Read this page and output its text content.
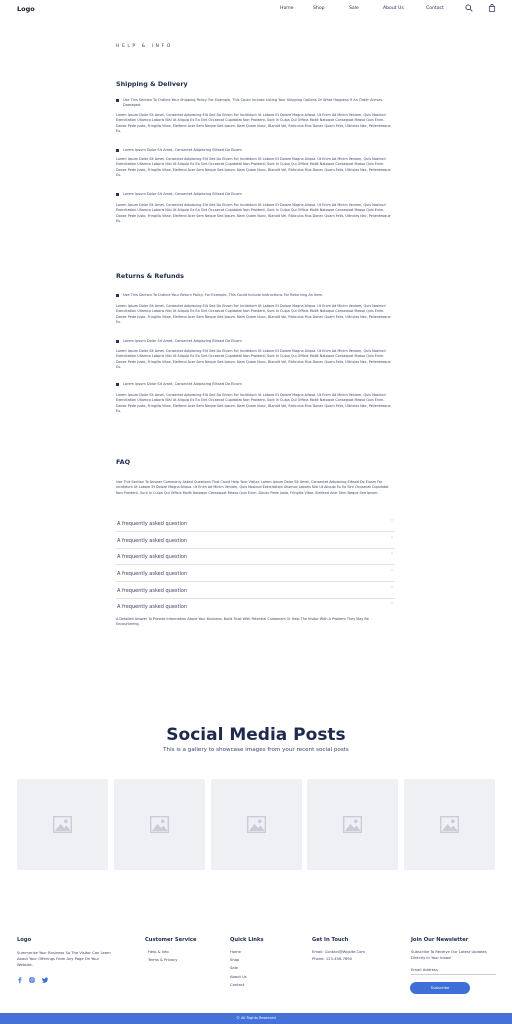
Logo	Home	Shop	Sale	About Us	Contact
HELP & INFO
Shipping & Delivery
Use This Section To Outline Your Shipping Policy. For Example, This Could Include Listing Your Shipping Options Or What Happens If An Order Arrives Damaged.
Lorem Ipsum Dolor Sit Amet, Consectet Adipiscing Elit Sed Do Eiusm For Incididunt Ut Labore Et Dolore Magna Aliqua. Ut Enim Ad Minim Veniam, Quis Nostrud Exercitation Ullamco Laboris Nisi Ut Aliquip Ex Ea Sint Occaecat Cupidatat Non Proident, Sunt In Culpa Qui Officia Mollit Natoque Consequat Massa Quis Enim. Donec Pede Justo, Fringilla Vitae, Eleifend Acer Sem Neque Sed Ipsum. Nam Quam Nunc, Blandit Vel, Ridiculus Mus Donec Quam Felis, Ultricies Nec, Pellentesque Eu.
Lorem Ipsum Dolor Sit Amet, Consectet Adipiscing Elitsed Do Eiusm
Lorem Ipsum Dolor Sit Amet, Consectet Adipiscing Elit Sed Do Eiusm For Incididunt Ut Labore Et Dolore Magna Aliqua. Ut Enim Ad Minim Veniam, Quis Nostrud Exercitation Ullamco Laboris Nisi Ut Aliquip Ex Ea Sint Occaecat Cupidatat Non Proident, Sunt In Culpa Qui Officia Mollit Natoque Consequat Massa Quis Enim. Donec Pede Justo, Fringilla Vitae, Eleifend Acer Sem Neque Sed Ipsum. Nam Quam Nunc, Blandit Vel, Ridiculus Mus Donec Quam Felis, Ultricies Nec, Pellentesque Eu.
Lorem Ipsum Dolor Sit Amet, Consectet Adipiscing Elitsed Do Eiusm
Lorem Ipsum Dolor Sit Amet, Consectet Adipiscing Elit Sed Do Eiusm For Incididunt Ut Labore Et Dolore Magna Aliqua. Ut Enim Ad Minim Veniam, Quis Nostrud Exercitation Ullamco Laboris Nisi Ut Aliquip Ex Ea Sint Occaecat Cupidatat Non Proident, Sunt In Culpa Qui Officia Mollit Natoque Consequat Massa Quis Enim. Donec Pede Justo, Fringilla Vitae, Eleifend Acer Sem Neque Sed Ipsum. Nam Quam Nunc, Blandit Vel, Ridiculus Mus Donec Quam Felis, Ultricies Nec, Pellentesque Eu.
Returns & Refunds
Use This Section To Outline Your Return Policy. For Example, This Could Include Instructions For Returning An Item.
Lorem Ipsum Dolor Sit Amet, Consectet Adipiscing Elit Sed Do Eiusm For Incididunt Ut Labore Et Dolore Magna Aliqua. Ut Enim Ad Minim Veniam, Quis Nostrud Exercitation Ullamco Laboris Nisi Ut Aliquip Ex Ea Sint Occaecat Cupidatat Non Proident, Sunt In Culpa Qui Officia Mollit Natoque Consequat Massa Quis Enim. Donec Pede Justo, Fringilla Vitae, Eleifend Acer Sem Neque Sed Ipsum. Nam Quam Nunc, Blandit Vel, Ridiculus Mus Donec Quam Felis, Ultricies Nec, Pellentesque Eu.
Lorem Ipsum Dolor Sit Amet, Consectet Adipiscing Elitsed Do Eiusm
Lorem Ipsum Dolor Sit Amet, Consectet Adipiscing Elit Sed Do Eiusm For Incididunt Ut Labore Et Dolore Magna Aliqua. Ut Enim Ad Minim Veniam, Quis Nostrud Exercitation Ullamco Laboris Nisi Ut Aliquip Ex Ea Sint Occaecat Cupidatat Non Proident, Sunt In Culpa Qui Officia Mollit Natoque Consequat Massa Quis Enim. Donec Pede Justo, Fringilla Vitae, Eleifend Acer Sem Neque Sed Ipsum. Nam Quam Nunc, Blandit Vel, Ridiculus Mus Donec Quam Felis, Ultricies Nec, Pellentesque Eu.
Lorem Ipsum Dolor Sit Amet, Consectet Adipiscing Elitsed Do Eiusm
Lorem Ipsum Dolor Sit Amet, Consectet Adipiscing Elit Sed Do Eiusm For Incididunt Ut Labore Et Dolore Magna Aliqua. Ut Enim Ad Minim Veniam, Quis Nostrud Exercitation Ullamco Laboris Nisi Ut Aliquip Ex Ea Sint Occaecat Cupidatat Non Proident, Sunt In Culpa Qui Officia Mollit Natoque Consequat Massa Quis Enim. Donec Pede Justo, Fringilla Vitae, Eleifend Acer Sem Neque Sed Ipsum. Nam Quam Nunc, Blandit Vel, Ridiculus Mus Donec Quam Felis, Ultricies Nec, Pellentesque Eu.
FAQ
Use This Section To Answer Commonly Asked Questions That Could Help Your Visitor. Lorem Ipsum Dolor Sit Amet, Consectet Adipiscing Elitsed Do Eiusm For Incididunt Ut Labore Et Dolore Magna Aliqua. Ut Enim Ad Minim Veniam, Quis Nostrud Exercitation Ullamco Laboris Nisi Ut Aliquip Ex Ea Sint Occaecat Cupidatat Non Proident, Sunt In Culpa Qui Officia Mollit Natoque Consequat Massa Quis Enim. Donec Pede Justo, Fringilla Vitae, Eleifend Acer Sem Neque Sed Ipsum.
A frequently asked question	˅
A frequently asked question	˅
A frequently asked question	˅
A frequently asked question	˅
A frequently asked question	˅
A frequently asked question	˄
A Detailed Answer To Provide Information About Your Business, Build Trust With Potential Customers Or Help The Visitor With A Problem They May Be Encountering.
Social Media Posts
This is a gallery to showcase images from your recent social posts
Logo
Summarize Your Business So The Visitor Can Learn About Your Offerings From Any Page On Your Website.
Customer Service
Help & Info
Terms & Privacy
Quick Links
Home
Shop
Sale
About Us
Contact
Get In Touch
Email: Contact@Wpsite.Com
Phone: 123-456-7890
Join Our Newsletter
Subscribe To Receive Our Latest Updates Directly In Your Inbox!
Email Address
Subscribe
© All Rights Reserved
